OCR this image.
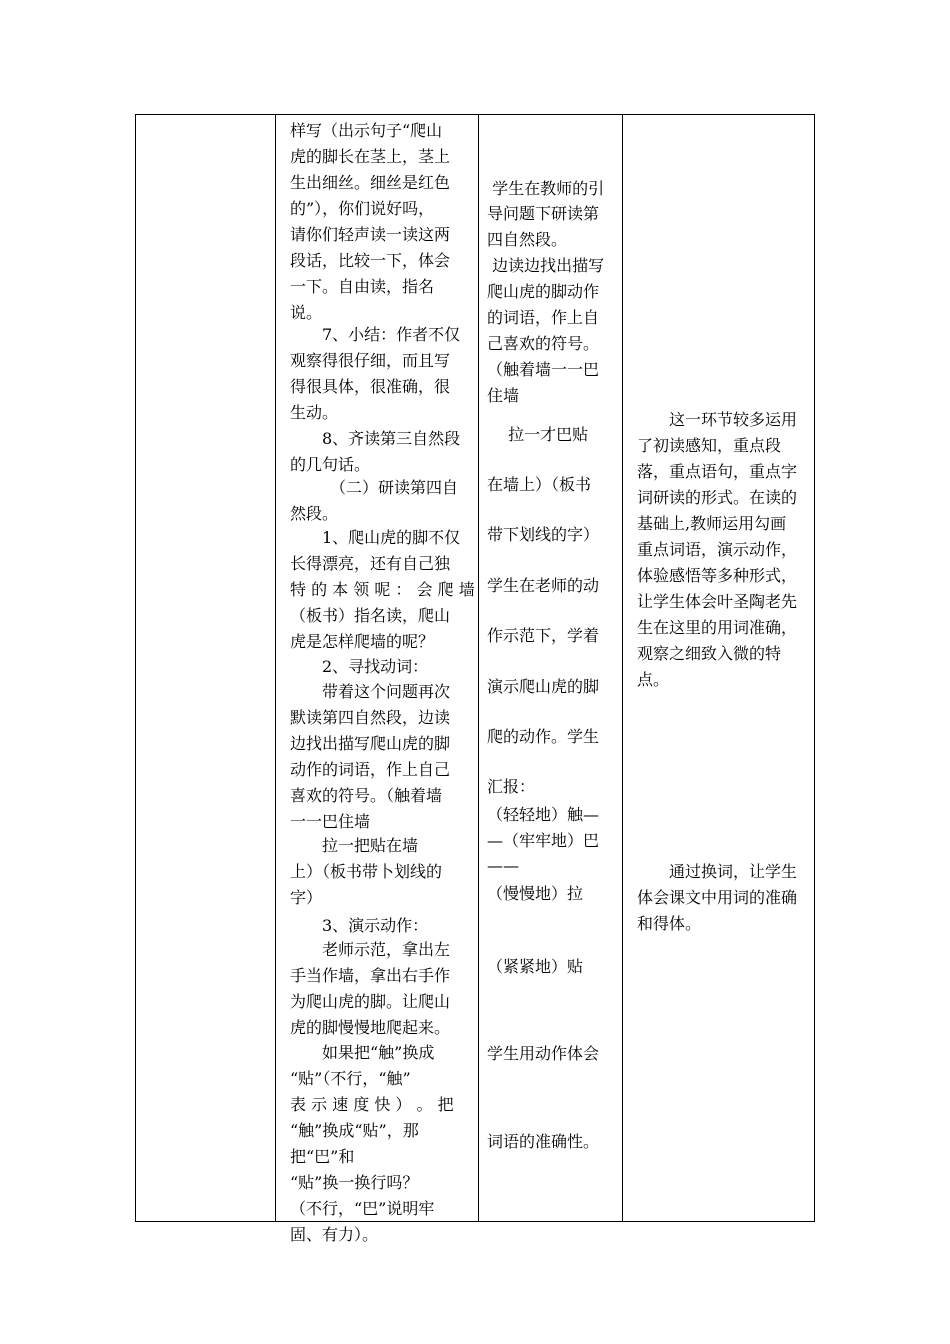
样写（出示句子“爬山
虎的脚长在茎上，茎上
生出细丝。细丝是红色
的”），你们说好吗，
请你们轻声读一读这两
段话，比较一下，体会
一下。自由读，指名
说。
　　7、小结：作者不仅
观察得很仔细，而且写
得很具体，很准确，很
生动。
　　8、齐读第三自然段
的几句话。
　　　（二）研读第四自
然段。
　　1、爬山虎的脚不仅
长得漂亮，还有自己独
特 的 本 领 呢 ： 会 爬 墙
（板书）指名读，爬山
虎是怎样爬墙的呢？
　　2、寻找动词：
　　带着这个问题再次
默读第四自然段，边读
边找出描写爬山虎的脚
动作的词语，作上自己
喜欢的符号。（触着墙
一一巴住墙
　　拉一把贴在墙
上）（板书带卜划线的
字）
　　3、演示动作：
　　老师示范，拿出左
手当作墙，拿出右手作
为爬山虎的脚。让爬山
虎的脚慢慢地爬起来。
　　如果把“触”换成
“贴”（不行，“触”
表 示 速 度 快 ） 。 把
“触”换成“贴”，那
把“巴”和
“贴”换一换行吗？
（不行，“巴”说明牢
固、有力）。
学生在教师的引
导问题下研读第
四自然段。
边读边找出描写
爬山虎的脚动作
的词语，作上自
己喜欢的符号。
（触着墙一一巴
住墙
　 拉一才巴贴
在墙上）（板书
带下划线的字）
学生在老师的动
作示范下，学着
演示爬山虎的脚
爬的动作。学生
汇报：
（轻轻地）触—
—（牢牢地）巴
——
（慢慢地）拉
（紧紧地）贴
学生用动作体会
词语的准确性。
　　这一环节较多运用
了初读感知，重点段
落，重点语句，重点字
词研读的形式。在读的
基础上,教师运用勾画
重点词语，演示动作，
体验感悟等多种形式，
让学生体会叶圣陶老先
生在这里的用词准确，
观察之细致入微的特
点。
　　通过换词，让学生
体会课文中用词的准确
和得体。
